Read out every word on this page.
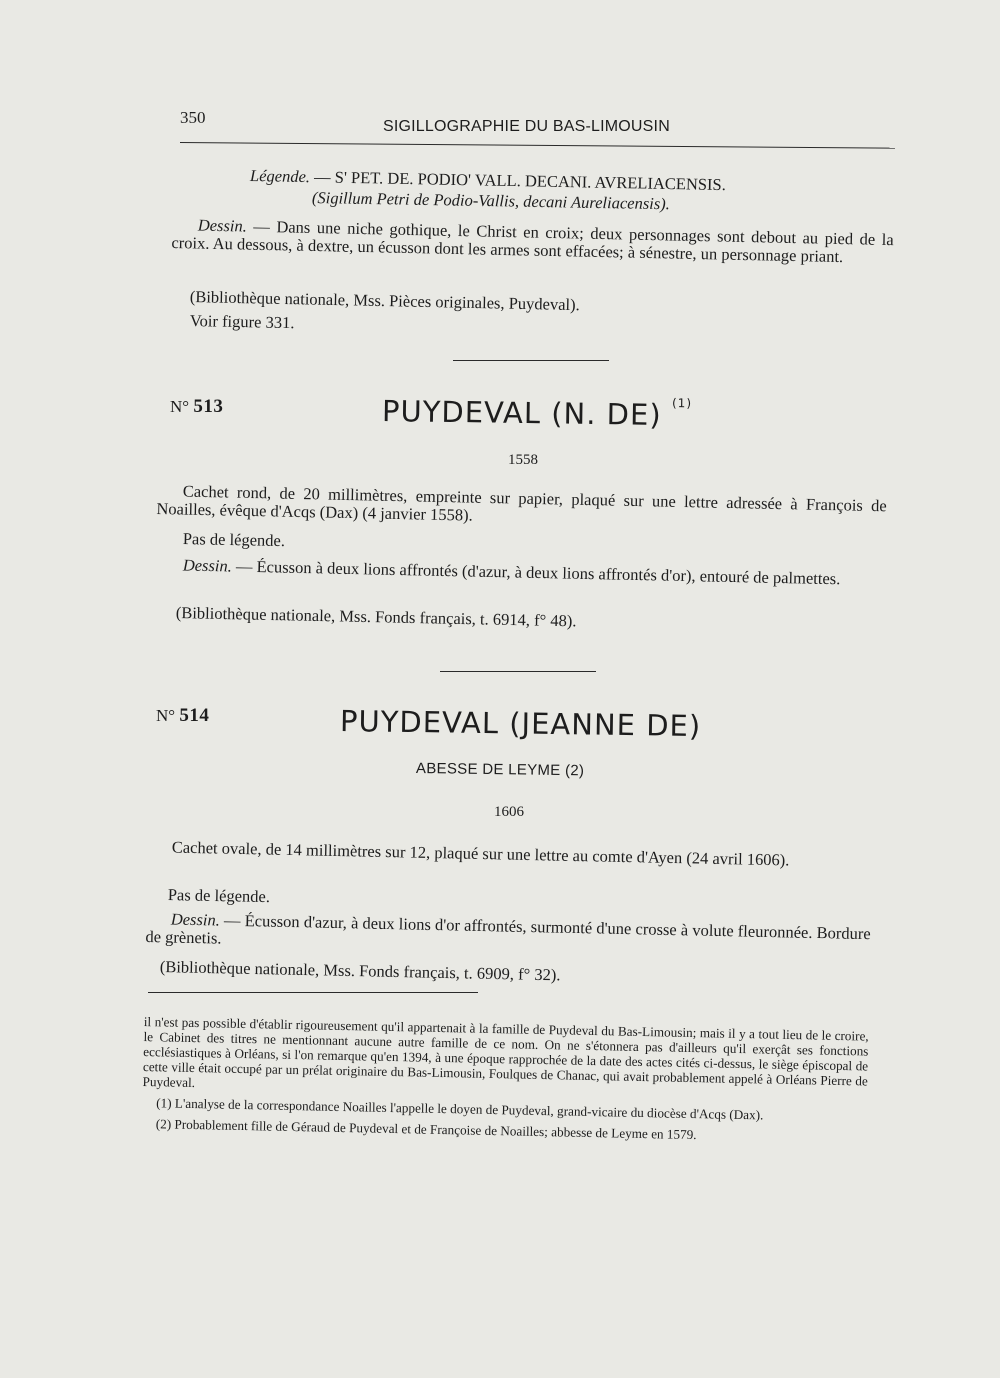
350	SIGILLOGRAPHIE DU BAS-LIMOUSIN
Légende. — S' PET. DE. PODIO' VALL. DECANI. AVRELIACENSIS.
(Sigillum Petri de Podio-Vallis, decani Aureliacensis).
Dessin. — Dans une niche gothique, le Christ en croix; deux personnages sont debout au pied de la croix. Au dessous, à dextre, un écusson dont les armes sont effacées; à sénestre, un personnage priant.
(Bibliothèque nationale, Mss. Pièces originales, Puydeval).
Voir figure 331.
N° 513	PUYDEVAL (N. DE) $^{(1)}$
1558
Cachet rond, de 20 millimètres, empreinte sur papier, plaqué sur une lettre adressée à François de Noailles, évêque d'Acqs (Dax) (4 janvier 1558).
Pas de légende.
Dessin. — Écusson à deux lions affrontés (d'azur, à deux lions affrontés d'or), entouré de palmettes.
(Bibliothèque nationale, Mss. Fonds français, t. 6914, f° 48).
N° 514	PUYDEVAL (JEANNE DE)
ABESSE DE LEYME (2)
1606
Cachet ovale, de 14 millimètres sur 12, plaqué sur une lettre au comte d'Ayen (24 avril 1606).
Pas de légende.
Dessin. — Écusson d'azur, à deux lions d'or affrontés, surmonté d'une crosse à volute fleuronnée. Bordure de grènetis.
(Bibliothèque nationale, Mss. Fonds français, t. 6909, f° 32).

il n'est pas possible d'établir rigoureusement qu'il appartenait à la famille de Puydeval du Bas-Limousin; mais il y a tout lieu de le croire, le Cabinet des titres ne mentionnant aucune autre famille de ce nom. On ne s'étonnera pas d'ailleurs qu'il exerçât ses fonctions ecclésiastiques à Orléans, si l'on remarque qu'en 1394, à une époque rapprochée de la date des actes cités ci-dessus, le siège épiscopal de cette ville était occupé par un prélat originaire du Bas-Limousin, Foulques de Chanac, qui avait probablement appelé à Orléans Pierre de Puydeval.

(1) L'analyse de la correspondance Noailles l'appelle le doyen de Puydeval, grand-vicaire du diocèse d'Acqs (Dax).

(2) Probablement fille de Géraud de Puydeval et de Françoise de Noailles; abbesse de Leyme en 1579.
